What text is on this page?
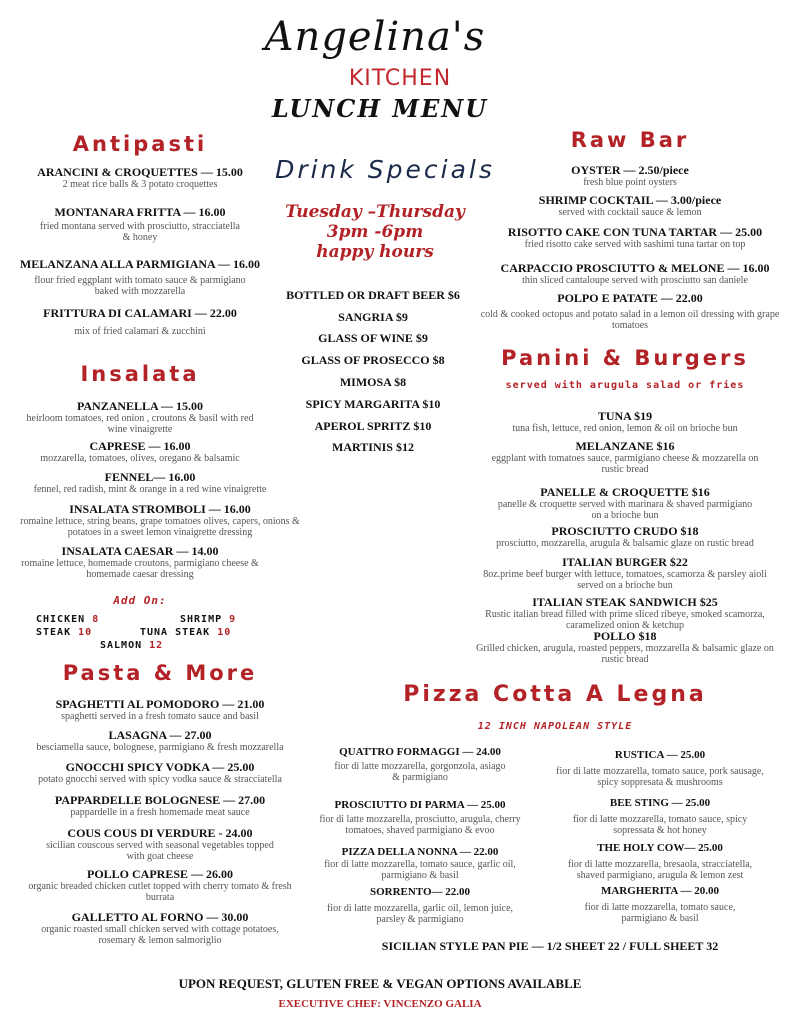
Angelina's
KITCHEN
LUNCH MENU
Antipasti
ARANCINI & CROQUETTES — 15.00
2 meat rice balls & 3 potato croquettes
MONTANARA FRITTA — 16.00
fried montana served with prosciutto, stracciatella & honey
MELANZANA ALLA PARMIGIANA — 16.00
flour fried eggplant with tomato sauce & parmigiano baked with mozzarella
FRITTURA DI CALAMARI — 22.00
mix of fried calamari & zucchini
Insalata
PANZANELLA — 15.00
heirloom tomatoes, red onion , croutons & basil with red wine vinaigrette
CAPRESE — 16.00
mozzarella, tomatoes, olives, oregano & balsamic
FENNEL— 16.00
fennel, red radish, mint & orange in a red wine vinaigrette
INSALATA STROMBOLI — 16.00
romaine lettuce, string beans, grape tomatoes olives, capers, onions & potatoes in a sweet lemon vinaigrette dressing
INSALATA CAESAR — 14.00
romaine lettuce, homemade croutons, parmigiano cheese & homemade caesar dressing
Add On:
CHICKEN 8	SHRIMP 9
STEAK 10	TUNA STEAK 10
SALMON 12
Pasta & More
SPAGHETTI AL POMODORO — 21.00
spaghetti served in a fresh tomato sauce and basil
LASAGNA — 27.00
besciamella sauce, bolognese, parmigiano & fresh mozzarella
GNOCCHI SPICY VODKA — 25.00
potato gnocchi served with spicy vodka sauce & stracciatella
PAPPARDELLE BOLOGNESE — 27.00
pappardelle in a fresh homemade meat sauce
COUS COUS DI VERDURE - 24.00
sicilian couscous served with seasonal vegetables topped with goat cheese
POLLO CAPRESE — 26.00
organic breaded chicken cutlet topped with cherry tomato & fresh burrata
GALLETTO AL FORNO — 30.00
organic roasted small chicken served with cottage potatoes, rosemary & lemon salmoriglio
Drink Specials
Tuesday –Thursday
3pm -6pm
happy hours
BOTTLED OR DRAFT BEER $6
SANGRIA $9
GLASS OF WINE $9
GLASS OF PROSECCO $8
MIMOSA $8
SPICY MARGARITA $10
APEROL SPRITZ $10
MARTINIS $12
Raw Bar
OYSTER — 2.50/piece
fresh blue point oysters
SHRIMP COCKTAIL — 3.00/piece
served with cocktail sauce & lemon
RISOTTO CAKE CON TUNA TARTAR — 25.00
fried risotto cake served with sashimi tuna tartar on top
CARPACCIO PROSCIUTTO & MELONE — 16.00
thin sliced cantaloupe served with prosciutto san daniele
POLPO E PATATE — 22.00
cold & cooked octopus and potato salad in a lemon oil dressing with grape tomatoes
Panini & Burgers
served with arugula salad or fries
TUNA $19
tuna fish, lettuce, red onion, lemon & oil on brioche bun
MELANZANE $16
eggplant with tomatoes sauce, parmigiano cheese & mozzarella on rustic bread
PANELLE & CROQUETTE $16
panelle & croquette served with marinara & shaved parmigiano on a brioche bun
PROSCIUTTO CRUDO $18
prosciutto, mozzarella, arugula & balsamic glaze on rustic bread
ITALIAN BURGER $22
8oz.prime beef burger with lettuce, tomatoes, scamorza & parsley aioli served on a brioche bun
ITALIAN STEAK SANDWICH $25
Rustic italian bread filled with prime sliced ribeye, smoked scamorza, caramelized onion & ketchup
POLLO $18
Grilled chicken, arugula, roasted peppers, mozzarella & balsamic glaze on rustic bread
Pizza Cotta A Legna
12 INCH NAPOLEAN STYLE
QUATTRO FORMAGGI — 24.00
fior di latte mozzarella, gorgonzola, asiago & parmigiano
PROSCIUTTO DI PARMA — 25.00
fior di latte mozzarella, prosciutto, arugula, cherry tomatoes, shaved parmigiano & evoo
PIZZA DELLA NONNA — 22.00
fior di latte mozzarella, tomato sauce, garlic oil, parmigiano & basil
SORRENTO— 22.00
fior di latte mozzarella, garlic oil, lemon juice, parsley & parmigiano
RUSTICA — 25.00
fior di latte mozzarella, tomato sauce, pork sausage, spicy soppresata & mushrooms
BEE STING — 25.00
fior di latte mozzarella, tomato sauce, spicy sopressata & hot honey
THE HOLY COW— 25.00
fior di latte mozzarella, bresaola, stracciatella, shaved parmigiano, arugula & lemon zest
MARGHERITA — 20.00
fior di latte mozzarella, tomato sauce, parmigiano & basil
SICILIAN STYLE PAN PIE — 1/2 SHEET 22 / FULL SHEET 32
UPON REQUEST, GLUTEN FREE & VEGAN OPTIONS AVAILABLE
EXECUTIVE CHEF: VINCENZO GALIA
